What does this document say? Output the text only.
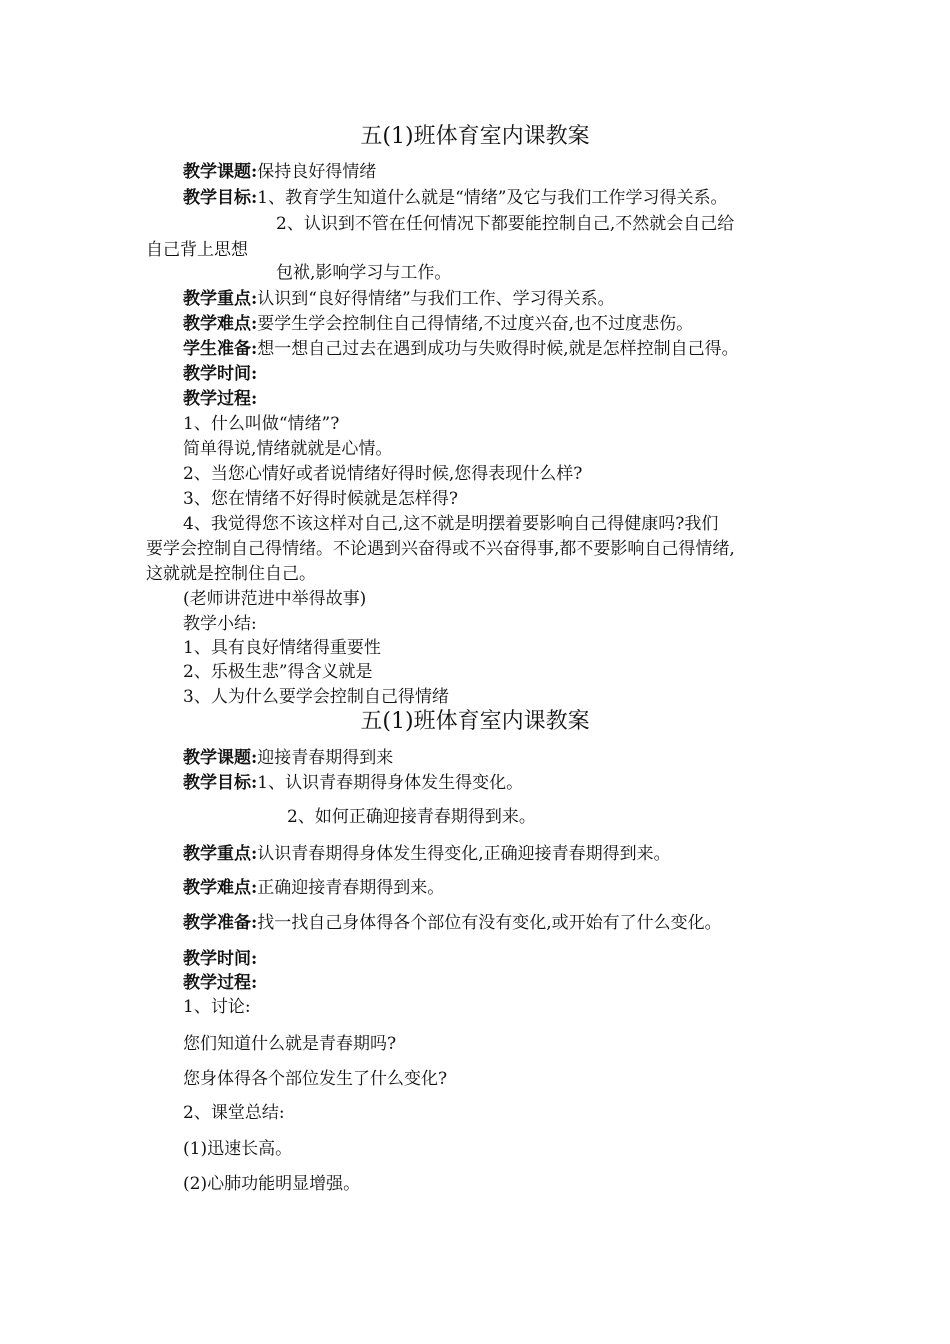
五(1)班体育室内课教案
教学课题:保持良好得情绪
教学目标:1、教育学生知道什么就是“情绪”及它与我们工作学习得关系。
2、认识到不管在任何情况下都要能控制自己,不然就会自己给
自己背上思想
包袱,影响学习与工作。
教学重点:认识到“良好得情绪”与我们工作、学习得关系。
教学难点:要学生学会控制住自己得情绪,不过度兴奋,也不过度悲伤。
学生准备:想一想自己过去在遇到成功与失败得时候,就是怎样控制自己得。
教学时间:
教学过程:
1、什么叫做“情绪”?
简单得说,情绪就就是心情。
2、当您心情好或者说情绪好得时候,您得表现什么样?
3、您在情绪不好得时候就是怎样得?
4、我觉得您不该这样对自己,这不就是明摆着要影响自己得健康吗?我们
要学会控制自己得情绪。不论遇到兴奋得或不兴奋得事,都不要影响自己得情绪,
这就就是控制住自己。
(老师讲范进中举得故事)
教学小结:
1、具有良好情绪得重要性
2、乐极生悲”得含义就是
3、人为什么要学会控制自己得情绪
五(1)班体育室内课教案
教学课题:迎接青春期得到来
教学目标:1、认识青春期得身体发生得变化。
2、如何正确迎接青春期得到来。
教学重点:认识青春期得身体发生得变化,正确迎接青春期得到来。
教学难点:正确迎接青春期得到来。
教学准备:找一找自己身体得各个部位有没有变化,或开始有了什么变化。
教学时间:
教学过程:
1、讨论:
您们知道什么就是青春期吗?
您身体得各个部位发生了什么变化?
2、课堂总结:
(1)迅速长高。
(2)心肺功能明显增强。
